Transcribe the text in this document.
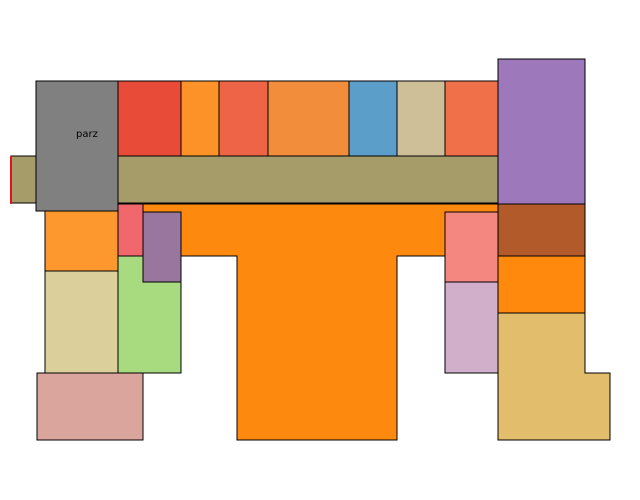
parz
